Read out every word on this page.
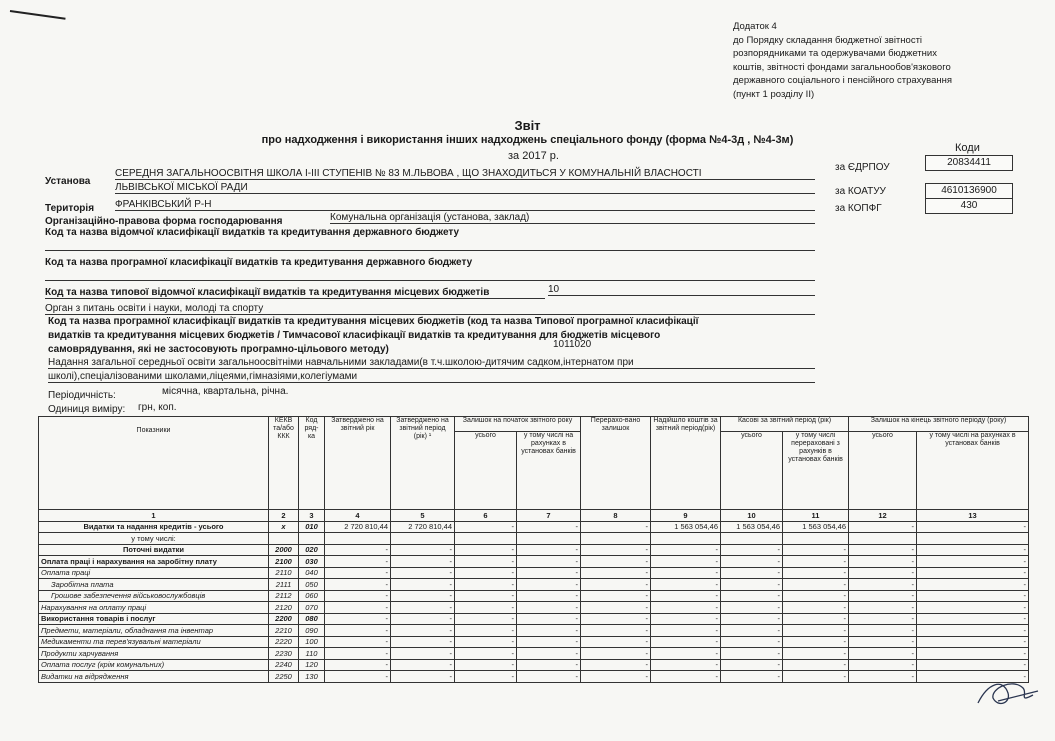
Додаток 4
до Порядку складання бюджетної звітності
розпорядниками та одержувачами бюджетних
коштів, звітності фондами загальнообов'язкового
державного соціального і пенсійного страхування
(пункт 1 розділу ІІ)
Звіт
про надходження і використання інших надходжень спеціального фонду (форма №4-3д , №4-3м)
за 2017 р.
Коди
за ЄДРПОУ	20834411
за КОАТУУ	4610136900
за КОПФГ	430
Установа
СЕРЕДНЯ ЗАГАЛЬНООСВІТНЯ ШКОЛА І-ІІІ СТУПЕНІВ № 83 М.ЛЬВОВА , ЩО ЗНАХОДИТЬСЯ У КОМУНАЛЬНІЙ ВЛАСНОСТІ
ЛЬВІВСЬКОЇ МІСЬКОЇ РАДИ
Територія ФРАНКІВСЬКИЙ Р-Н
Організаційно-правова форма господарювання	Комунальна організація (установа, заклад)
Код та назва відомчої класифікації видатків та кредитування державного бюджету
Код та назва програмної класифікації видатків та кредитування державного бюджету
Код та назва типової відомчої класифікації видатків та кредитування місцевих бюджетів	10
Орган з питань освіти і науки, молоді та спорту
Код та назва програмної класифікації видатків та кредитування місцевих бюджетів (код та назва Типової програмної класифікації
видатків та кредитування місцевих бюджетів / Тимчасової класифікації видатків та кредитування для бюджетів місцевого
самоврядування, які не застосовують програмно-цільового методу)	1011020
Надання загальної середньої освіти загальноосвітніми навчальними закладами(в т.ч.школою-дитячим садком,інтернатом при
школі),спеціалізованими школами,ліцеями,гімназіями,колегіумами
Періодичність:	місячна, квартальна, річна.
Одиниця виміру: грн, коп.
Показники	КЕКВ та/або ККК	Код ряд-ка	Затверджено на звітний рік	Затверджено на звітний період (рік) ¹	Залишок на початок звітного року		Перерахо-вано залишок	Надійшло коштів за звітний період(рік)	Касові за звітний період (рік)		Залишок на кінець звітного періоду (року)	
					усього	у тому числі на рахунках в установах банків			усього	у тому числі перераховані з рахунків в установах банків	усього	у тому числі на рахунках в установах банків
1	2	3	4	5	6	7	8	9	10	11	12	13
Видатки та надання кредитів - усього	x	010	2 720 810,44	2 720 810,44	-	-	-	1 563 054,46	1 563 054,46	1 563 054,46	-	-
у тому числі:												
Поточні видатки	2000	020	-	-	-	-	-	-	-	-	-	-
Оплата праці і нарахування на заробітну плату	2100	030	-	-	-	-	-	-	-	-	-	-
Оплата праці	2110	040	-	-	-	-	-	-	-	-	-	-
Заробітна плата	2111	050	-	-	-	-	-	-	-	-	-	-
Грошове забезпечення військовослужбовців	2112	060	-	-	-	-	-	-	-	-	-	-
Нарахування на оплату праці	2120	070	-	-	-	-	-	-	-	-	-	-
Використання товарів і послуг	2200	080	-	-	-	-	-	-	-	-	-	-
Предмети, матеріали, обладнання та інвентар	2210	090	-	-	-	-	-	-	-	-	-	-
Медикаменти та перев'язувальні матеріали	2220	100	-	-	-	-	-	-	-	-	-	-
Продукти харчування	2230	110	-	-	-	-	-	-	-	-	-	-
Оплата послуг (крім комунальних)	2240	120	-	-	-	-	-	-	-	-	-	-
Видатки на відрядження	2250	130	-	-	-	-	-	-	-	-	-	-
